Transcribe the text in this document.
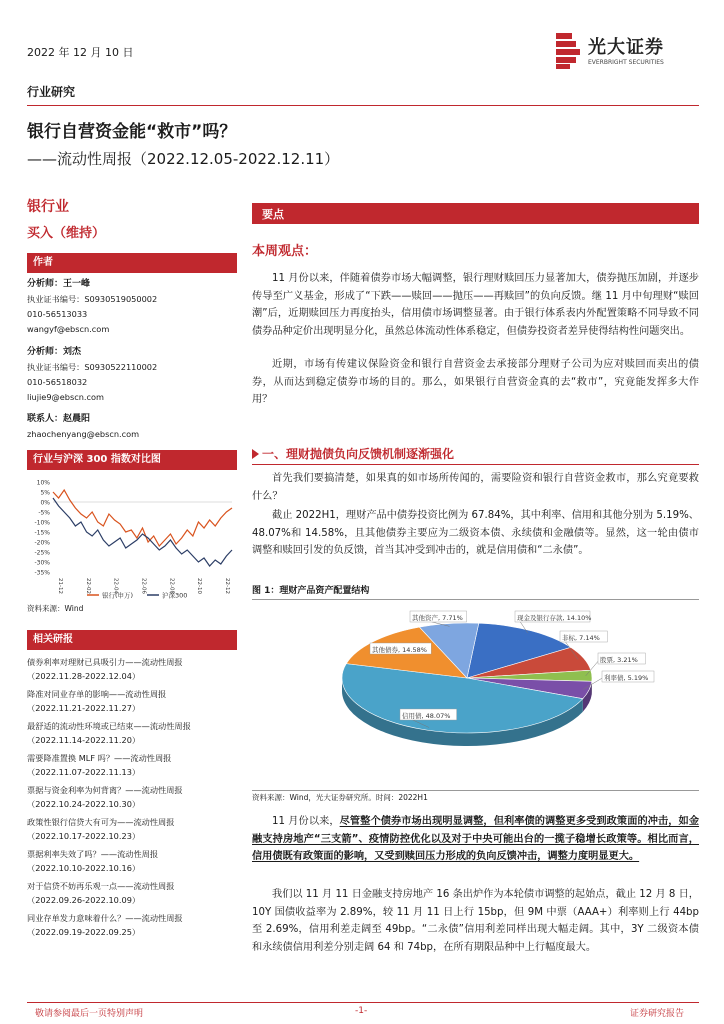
2022 年 12 月 10 日
行业研究
银行自营资金能“救市”吗？
——流动性周报（2022.12.05-2022.12.11）
光大证券
EVERBRIGHT SECURITIES
银行业
买入（维持）
作者
分析师：王一峰
执业证书编号：S0930519050002
010-56513033
wangyf@ebscn.com
分析师：刘杰
执业证书编号：S0930522110002
010-56518032
liujie9@ebscn.com
联系人：赵晨阳
zhaochenyang@ebscn.com
行业与沪深 300 指数对比图
10%
5%
0%
-5%
-10%
-15%
-20%
-25%
-30%
-35%
21-12	22-02	22-04	22-06	22-08	22-10	22-12
银行(申万)	沪深300
资料来源：Wind
相关研报
债券利率对理财已具吸引力——流动性周报
（2022.11.28-2022.12.04）
降准对同业存单的影响——流动性周报
（2022.11.21-2022.11.27）
最舒适的流动性环境或已结束——流动性周报
（2022.11.14-2022.11.20）
需要降准置换 MLF 吗？——流动性周报
（2022.11.07-2022.11.13）
票据与资金利率为何背离？——流动性周报
（2022.10.24-2022.10.30）
政策性银行信贷大有可为——流动性周报
（2022.10.17-2022.10.23）
票据利率失效了吗？——流动性周报
（2022.10.10-2022.10.16）
对于信贷不妨再乐观一点——流动性周报
（2022.09.26-2022.10.09）
同业存单发力意味着什么？——流动性周报
（2022.09.19-2022.09.25）
要点
本周观点：
11 月份以来，伴随着债券市场大幅调整，银行理财赎回压力显著加大，债券抛压加剧，并逐步传导至广义基金，形成了“下跌——赎回——抛压——再赎回”的负向反馈。继 11 月中旬理财“赎回潮”后，近期赎回压力再度抬头，信用债市场调整显著。由于银行体系表内外配置策略不同导致不同债券品种定价出现明显分化，虽然总体流动性体系稳定，但债券投资者差异使得结构性问题突出。
近期，市场有传建议保险资金和银行自营资金去承接部分理财子公司为应对赎回而卖出的债券，从而达到稳定债券市场的目的。那么，如果银行自营资金真的去“救市”，究竟能发挥多大作用？
一、理财抛债负向反馈机制逐渐强化
首先我们要搞清楚，如果真的如市场所传闻的，需要险资和银行自营资金救市，那么究竟要救什么？
截止 2022H1，理财产品中债券投资比例为 67.84%，其中利率、信用和其他分别为 5.19%、48.07%和 14.58%，且其他债券主要应为二级资本债、永续债和金融债等。显然，这一轮由债市调整和赎回引发的负反馈，首当其冲受到冲击的，就是信用债和“二永债”。
图 1：理财产品资产配置结构
现金及银行存款, 14.10%
非标, 7.14%
股票, 3.21%
利率债, 5.19%
信用债, 48.07%
其他债券, 14.58%
其他资产, 7.71%
资料来源：Wind，光大证券研究所。时间：2022H1
11 月份以来，尽管整个债券市场出现明显调整，但利率债的调整更多受到政策面的冲击，如金融支持房地产“三支箭”、疫情防控优化以及对于中央可能出台的一揽子稳增长政策等。相比而言，信用债既有政策面的影响，又受到赎回压力形成的负向反馈冲击，调整力度明显更大。
我们以 11 月 11 日金融支持房地产 16 条出炉作为本轮债市调整的起始点，截止 12 月 8 日，10Y 国债收益率为 2.89%，较 11 月 11 日上行 15bp，但 9M 中票（AAA+）利率则上行 44bp 至 2.69%，信用利差走阔至 49bp。“二永债”信用利差同样出现大幅走阔。其中，3Y 二级资本债和永续债信用利差分别走阔 64 和 74bp，在所有期限品种中上行幅度最大。
敬请参阅最后一页特别声明	-1-	证券研究报告
